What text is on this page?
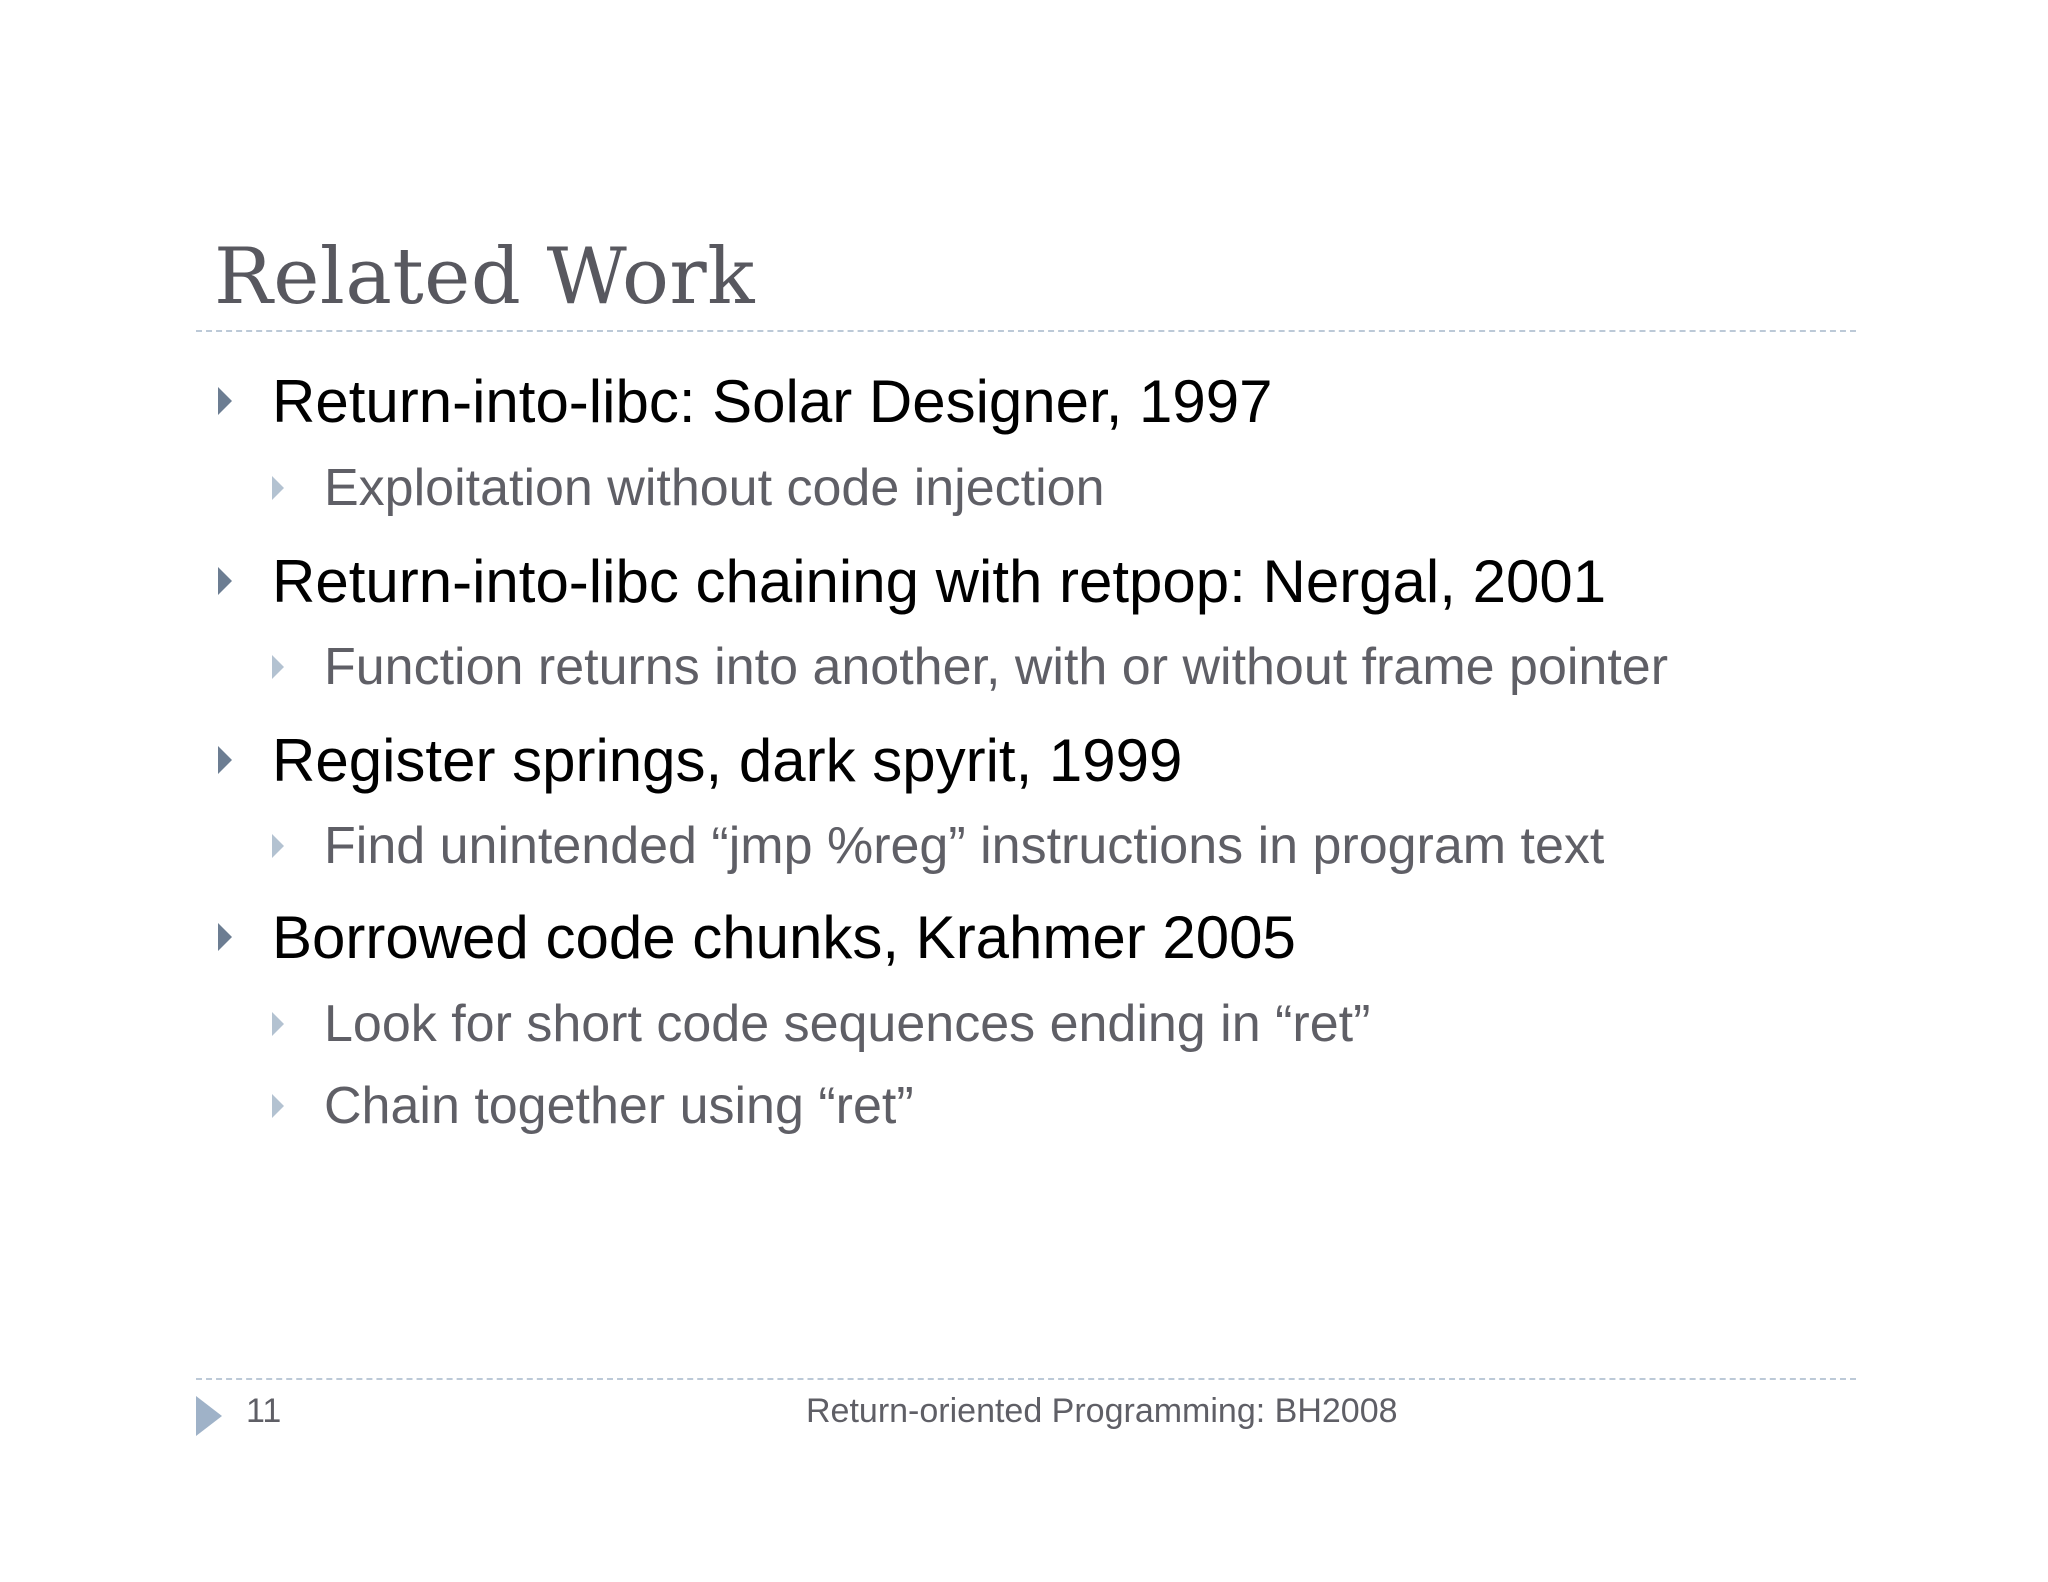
Related Work
Return-into-libc: Solar Designer, 1997
Exploitation without code injection
Return-into-libc chaining with retpop: Nergal, 2001
Function returns into another, with or without frame pointer
Register springs, dark spyrit, 1999
Find unintended “jmp %reg” instructions in program text
Borrowed code chunks, Krahmer 2005
Look for short code sequences ending in “ret”
Chain together using “ret”
11	Return-oriented Programming: BH2008
